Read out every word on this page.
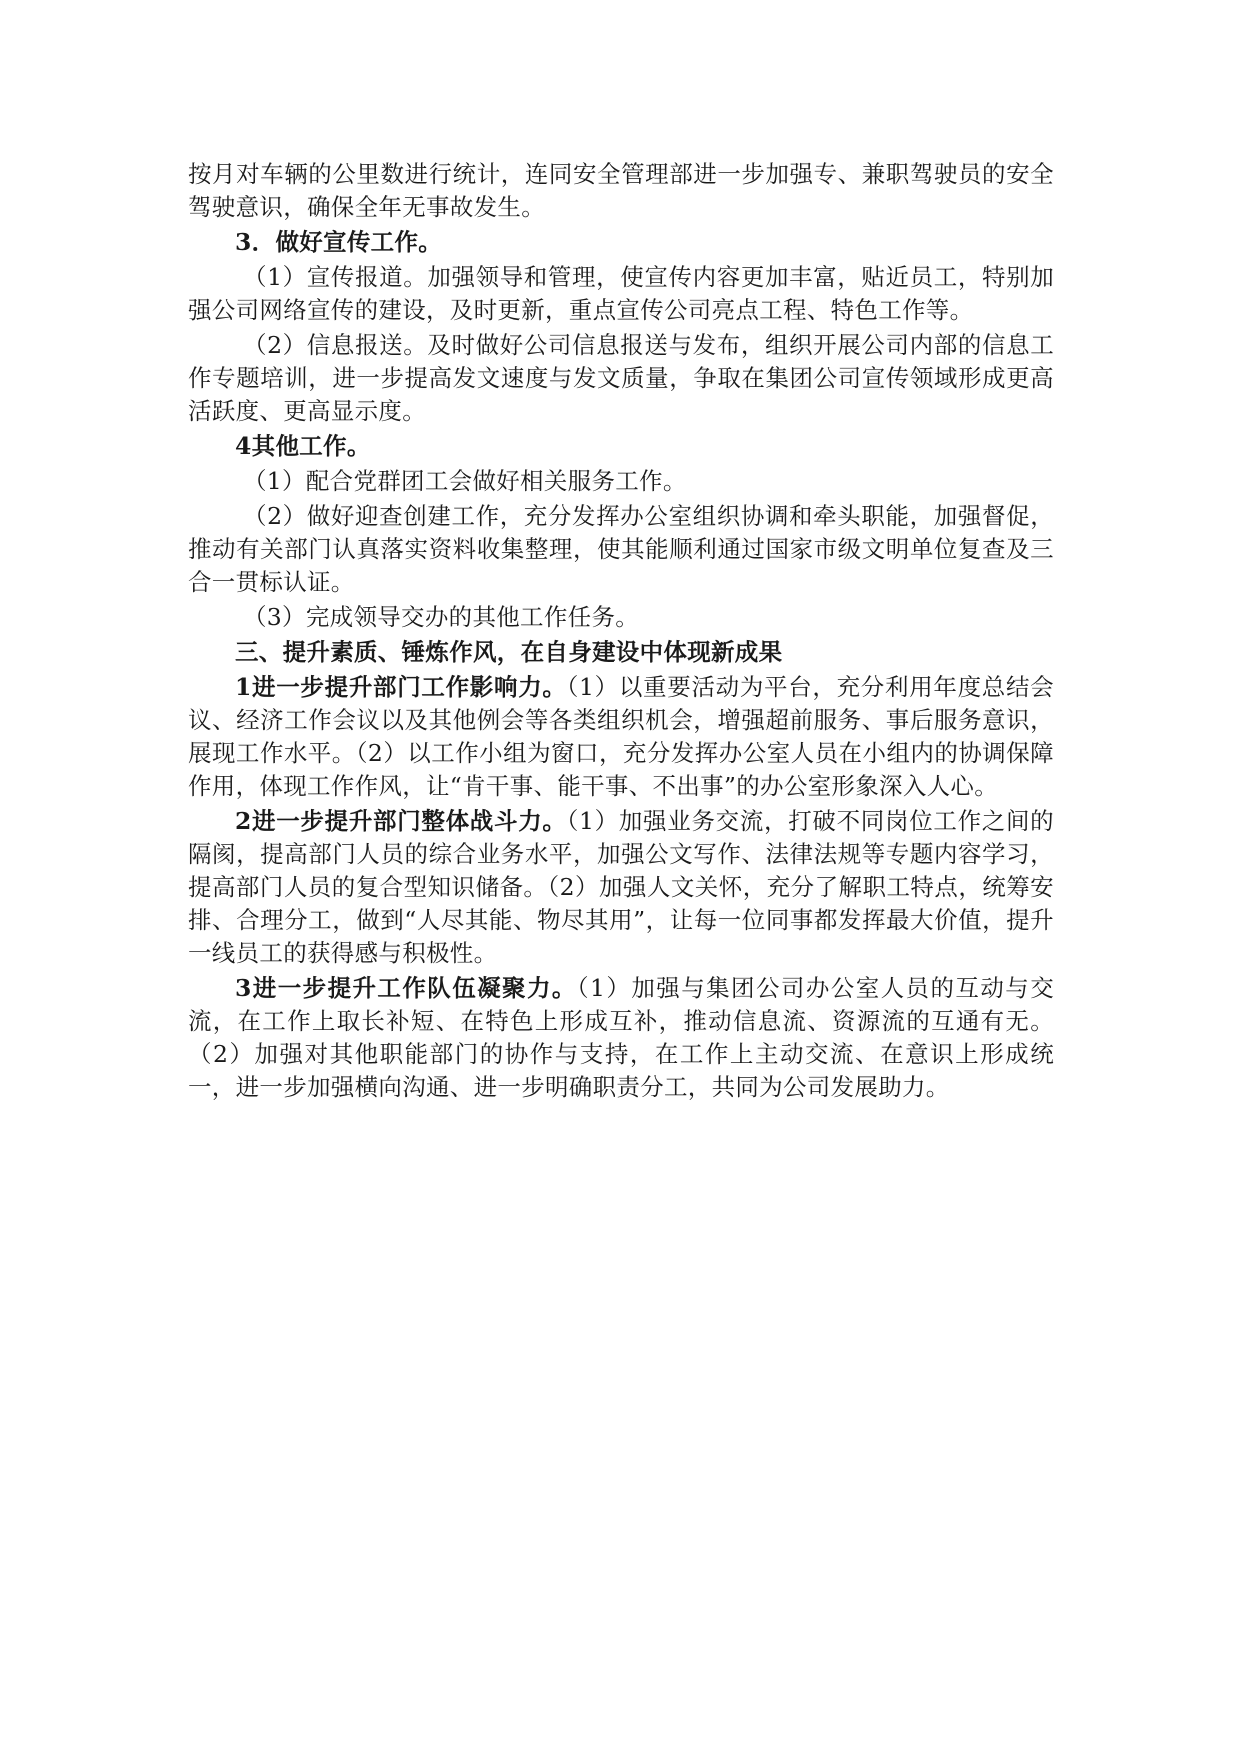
按月对车辆的公里数进行统计，连同安全管理部进一步加强专、兼职驾驶员的安全驾驶意识，确保全年无事故发生。

3．做好宣传工作。

（1）宣传报道。加强领导和管理，使宣传内容更加丰富，贴近员工，特别加强公司网络宣传的建设，及时更新，重点宣传公司亮点工程、特色工作等。

（2）信息报送。及时做好公司信息报送与发布，组织开展公司内部的信息工作专题培训，进一步提高发文速度与发文质量，争取在集团公司宣传领域形成更高活跃度、更高显示度。

4其他工作。

（1）配合党群团工会做好相关服务工作。

（2）做好迎查创建工作，充分发挥办公室组织协调和牵头职能，加强督促，推动有关部门认真落实资料收集整理，使其能顺利通过国家市级文明单位复查及三合一贯标认证。

（3）完成领导交办的其他工作任务。

三、提升素质、锤炼作风，在自身建设中体现新成果

1进一步提升部门工作影响力。（1）以重要活动为平台，充分利用年度总结会议、经济工作会议以及其他例会等各类组织机会，增强超前服务、事后服务意识，展现工作水平。（2）以工作小组为窗口，充分发挥办公室人员在小组内的协调保障作用，体现工作作风，让“肯干事、能干事、不出事”的办公室形象深入人心。

2进一步提升部门整体战斗力。（1）加强业务交流，打破不同岗位工作之间的隔阂，提高部门人员的综合业务水平，加强公文写作、法律法规等专题内容学习，提高部门人员的复合型知识储备。（2）加强人文关怀，充分了解职工特点，统筹安排、合理分工，做到“人尽其能、物尽其用”，让每一位同事都发挥最大价值，提升一线员工的获得感与积极性。

3进一步提升工作队伍凝聚力。（1）加强与集团公司办公室人员的互动与交流，在工作上取长补短、在特色上形成互补，推动信息流、资源流的互通有无。（2）加强对其他职能部门的协作与支持，在工作上主动交流、在意识上形成统一，进一步加强横向沟通、进一步明确职责分工，共同为公司发展助力。
